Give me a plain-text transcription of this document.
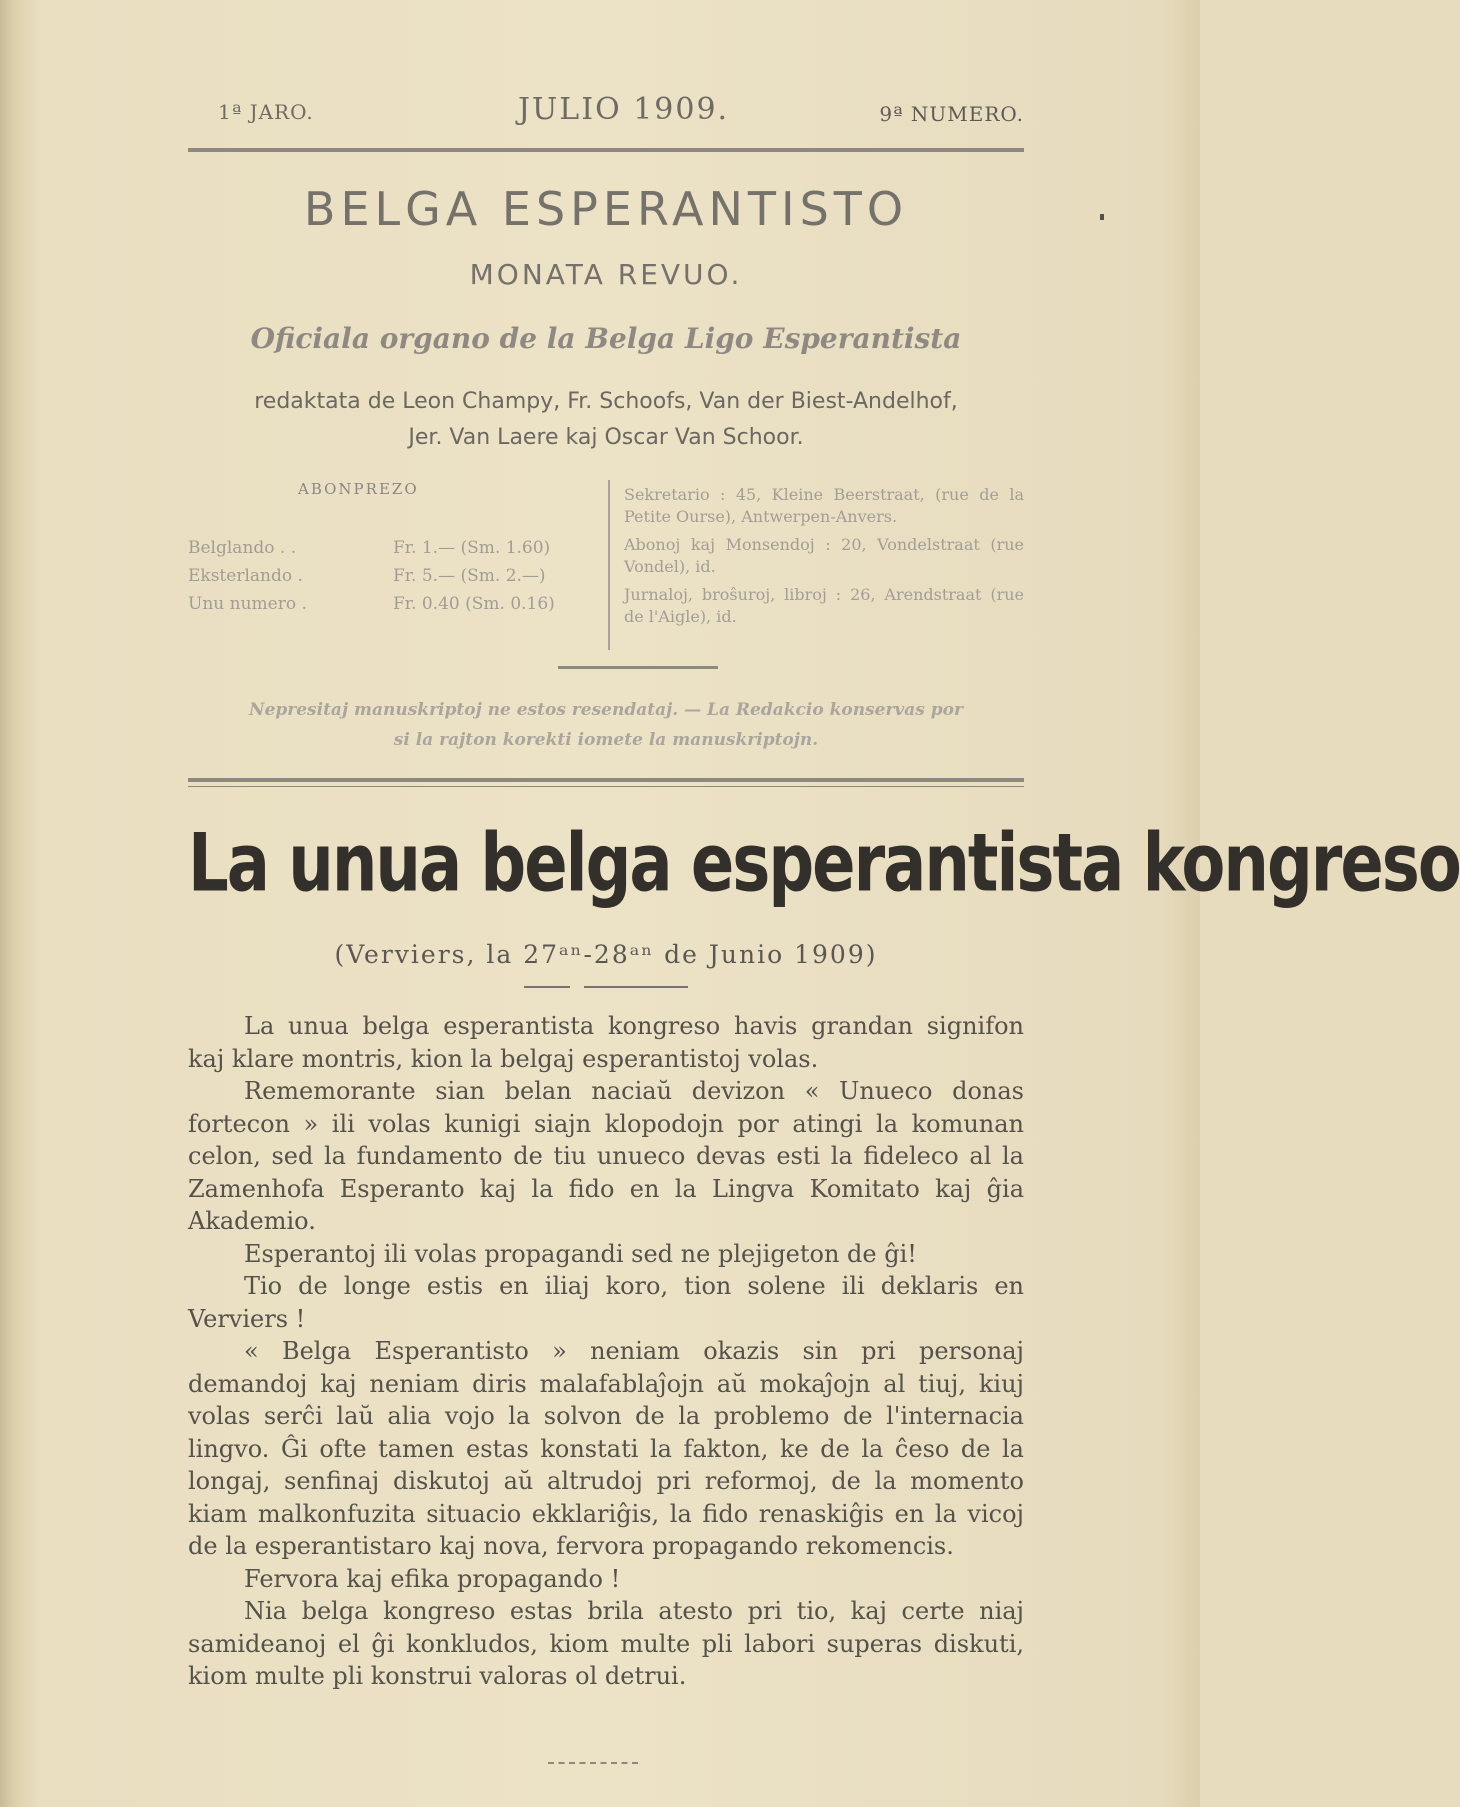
1ª JARO.	JULIO 1909.	9ª NUMERO.
BELGA ESPERANTISTO
MONATA REVUO.
Oficiala organo de la Belga Ligo Esperantista
redaktata de Leon Champy, Fr. Schoofs, Van der Biest-Andelhof,
Jer. Van Laere kaj Oscar Van Schoor.
ABONPREZO
Belglando . .	Fr. 1.— (Sm. 1.60)
Eksterlando .	Fr. 5.— (Sm. 2.—)
Unu numero .	Fr. 0.40 (Sm. 0.16)

Sekretario : 45, Kleine Beerstraat, (rue de la Petite Ourse), Antwerpen-Anvers.

Abonoj kaj Monsendoj : 20, Vondelstraat (rue Vondel), id.

Jurnaloj, broŝuroj, libroj : 26, Arendstraat (rue de l'Aigle), id.

Nepresitaj manuskriptoj ne estos resendataj. — La Redakcio konservas por
si la rajton korekti iomete la manuskriptojn.
La unua belga esperantista kongreso
(Verviers, la 27ᵃⁿ-28ᵃⁿ de Junio 1909)

La unua belga esperantista kongreso havis grandan signifon kaj klare montris, kion la belgaj esperantistoj volas.

Rememorante sian belan naciaŭ devizon « Unueco donas fortecon » ili volas kunigi siajn klopodojn por atingi la komunan celon, sed la fundamento de tiu unueco devas esti la fideleco al la Zamenhofa Esperanto kaj la fido en la Lingva Komitato kaj ĝia Akademio.

Esperantoj ili volas propagandi sed ne plejigeton de ĝi!

Tio de longe estis en iliaj koro, tion solene ili deklaris en Verviers !

« Belga Esperantisto » neniam okazis sin pri personaj demandoj kaj neniam diris malafablaĵojn aŭ mokaĵojn al tiuj, kiuj volas serĉi laŭ alia vojo la solvon de la problemo de l'internacia lingvo. Ĝi ofte tamen estas konstati la fakton, ke de la ĉeso de la longaj, senfinaj diskutoj aŭ altrudoj pri reformoj, de la momento kiam malkonfuzita situacio ekklariĝis, la fido renaskiĝis en la vicoj de la esperantistaro kaj nova, fervora propagando rekomencis.

Fervora kaj efika propagando !

Nia belga kongreso estas brila atesto pri tio, kaj certe niaj samideanoj el ĝi konkludos, kiom multe pli labori superas diskuti, kiom multe pli konstrui valoras ol detrui.
